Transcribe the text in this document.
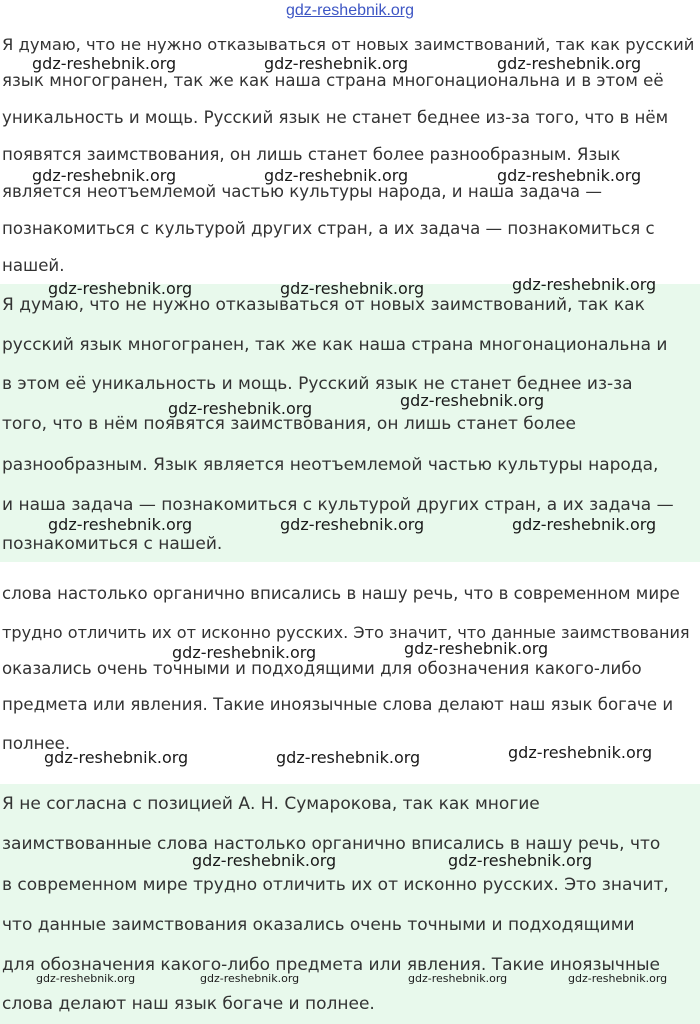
gdz-reshebnik.org
Я думаю, что не нужно отказываться от новых заимствований, так как русский
язык многогранен, так же как наша страна многонациональна и в этом её
уникальность и мощь. Русский язык не станет беднее из-за того, что в нём
появятся заимствования, он лишь станет более разнообразным. Язык
является неотъемлемой частью культуры народа, и наша задача —
познакомиться с культурой других стран, а их задача — познакомиться с
нашей.
Я думаю, что не нужно отказываться от новых заимствований, так как
русский язык многогранен, так же как наша страна многонациональна и
в этом её уникальность и мощь. Русский язык не станет беднее из-за
того, что в нём появятся заимствования, он лишь станет более
разнообразным. Язык является неотъемлемой частью культуры народа,
и наша задача — познакомиться с культурой других стран, а их задача —
познакомиться с нашей.
слова настолько органично вписались в нашу речь, что в современном мире
трудно отличить их от исконно русских. Это значит, что данные заимствования
оказались очень точными и подходящими для обозначения какого-либо
предмета или явления. Такие иноязычные слова делают наш язык богаче и
полнее.
Я не согласна с позицией А. Н. Сумарокова, так как многие
заимствованные слова настолько органично вписались в нашу речь, что
в современном мире трудно отличить их от исконно русских. Это значит,
что данные заимствования оказались очень точными и подходящими
для обозначения какого-либо предмета или явления. Такие иноязычные
слова делают наш язык богаче и полнее.
gdz-reshebnik.org	gdz-reshebnik.org	gdz-reshebnik.org
gdz-reshebnik.org	gdz-reshebnik.org	gdz-reshebnik.org
gdz-reshebnik.org	gdz-reshebnik.org	gdz-reshebnik.org
gdz-reshebnik.org	gdz-reshebnik.org
gdz-reshebnik.org	gdz-reshebnik.org	gdz-reshebnik.org
gdz-reshebnik.org	gdz-reshebnik.org
gdz-reshebnik.org	gdz-reshebnik.org	gdz-reshebnik.org
gdz-reshebnik.org	gdz-reshebnik.org
gdz-reshebnik.org	gdz-reshebnik.org	gdz-reshebnik.org	gdz-reshebnik.org
